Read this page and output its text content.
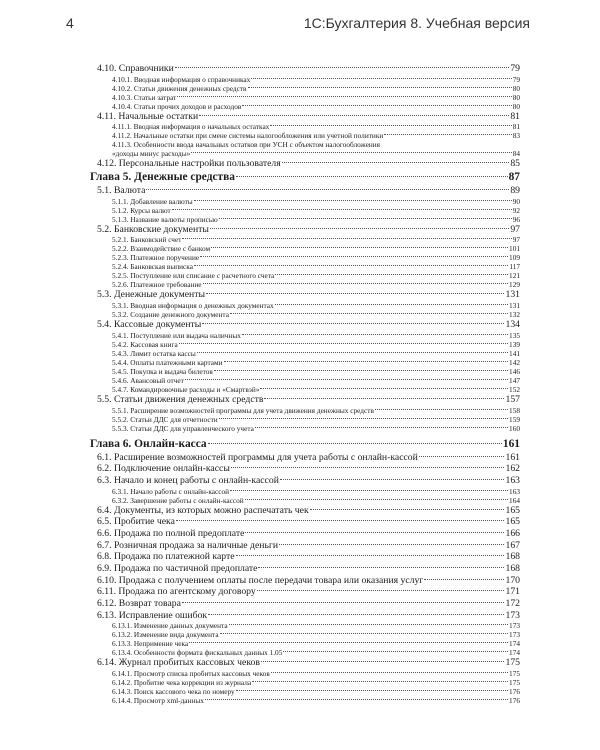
4	1С:Бухгалтерия 8. Учебная версия
4.10. Справочники	79
4.10.1. Вводная информация о справочниках	79
4.10.2. Статьи движения денежных средств	80
4.10.3. Статьи затрат	80
4.10.4. Статьи прочих доходов и расходов	80
4.11. Начальные остатки	81
4.11.1. Вводная информация о начальных остатках	81
4.11.2. Начальные остатки при смене системы налогообложения или учетной политики	83
4.11.3. Особенности ввода начальных остатков при УСН с объектом налогообложения
«доходы минус расходы»	84
4.12. Персональные настройки пользователя	85
Глава 5. Денежные средства	87
5.1. Валюта	89
5.1.1. Добавление валюты	90
5.1.2. Курсы валют	92
5.1.3. Название валюты прописью	96
5.2. Банковские документы	97
5.2.1. Банковский счет	97
5.2.2. Взаимодействие с банком	101
5.2.3. Платежное поручение	109
5.2.4. Банковская выписка	117
5.2.5. Поступление или списание с расчетного счета	121
5.2.6. Платежное требование	129
5.3. Денежные документы	131
5.3.1. Вводная информация о денежных документах	131
5.3.2. Создание денежного документа	132
5.4. Кассовые документы	134
5.4.1. Поступление или выдача наличных	135
5.4.2. Кассовая книга	139
5.4.3. Лимит остатка кассы	141
5.4.4. Оплаты платежными картами	142
5.4.5. Покупка и выдача билетов	146
5.4.6. Авансовый отчет	147
5.4.7. Командировочные расходы и «Смартвэй»	152
5.5. Статьи движения денежных средств	157
5.5.1. Расширение возможностей программы для учета движения денежных средств	158
5.5.2. Статьи ДДС для отчетности	159
5.5.3. Статьи ДДС для управленческого учета	160
Глава 6. Онлайн-касса	161
6.1. Расширение возможностей программы для учета работы с онлайн-кассой	161
6.2. Подключение онлайн-кассы	162
6.3. Начало и конец работы с онлайн-кассой	163
6.3.1. Начало работы с онлайн-кассой	163
6.3.2. Завершение работы с онлайн-кассой	164
6.4. Документы, из которых можно распечатать чек	165
6.5. Пробитие чека	165
6.6. Продажа по полной предоплате	166
6.7. Розничная продажа за наличные деньги	167
6.8. Продажа по платежной карте	168
6.9. Продажа по частичной предоплате	168
6.10. Продажа с получением оплаты после передачи товара или оказания услуг	170
6.11. Продажа по агентскому договору	171
6.12. Возврат товара	172
6.13. Исправление ошибок	173
6.13.1. Изменение данных документа	173
6.13.2. Изменение вида документа	173
6.13.3. Непримение чека	174
6.13.4. Особенности формата фискальных данных 1.05	174
6.14. Журнал пробитых кассовых чеков	175
6.14.1. Просмотр списка пробитых кассовых чеков	175
6.14.2. Пробитие чека коррекции из журнала	175
6.14.3. Поиск кассового чека по номеру	176
6.14.4. Просмотр xml-данных	176
